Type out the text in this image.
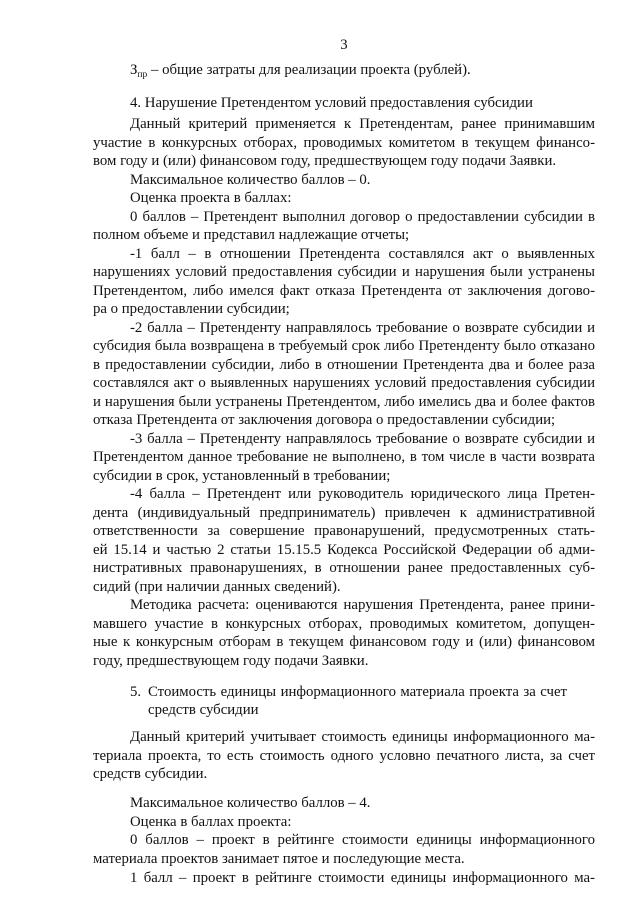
3
$З_{пр}$ – общие затраты для реализации проекта (рублей).
4. Нарушение Претендентом условий предоставления субсидии
Данный критерий применяется к Претендентам, ранее принимавшим
участие в конкурсных отборах, проводимых комитетом в текущем финансо-
вом году и (или) финансовом году, предшествующем году подачи Заявки.
Максимальное количество баллов – 0.
Оценка проекта в баллах:
0 баллов – Претендент выполнил договор о предоставлении субсидии в
полном объеме и представил надлежащие отчеты;
-1 балл – в отношении Претендента составлялся акт о выявленных
нарушениях условий предоставления субсидии и нарушения были устранены
Претендентом, либо имелся факт отказа Претендента от заключения догово-
ра о предоставлении субсидии;
-2 балла – Претенденту направлялось требование о возврате субсидии и
субсидия была возвращена в требуемый срок либо Претенденту было отказано
в предоставлении субсидии, либо в отношении Претендента два и более раза
составлялся акт о выявленных нарушениях условий предоставления субсидии
и нарушения были устранены Претендентом, либо имелись два и более фактов
отказа Претендента от заключения договора о предоставлении субсидии;
-3 балла – Претенденту направлялось требование о возврате субсидии и
Претендентом данное требование не выполнено, в том числе в части возврата
субсидии в срок, установленный в требовании;
-4 балла – Претендент или руководитель юридического лица Претен-
дента (индивидуальный предприниматель) привлечен к административной
ответственности за совершение правонарушений, предусмотренных стать-
ей 15.14 и частью 2 статьи 15.15.5 Кодекса Российской Федерации об адми-
нистративных правонарушениях, в отношении ранее предоставленных суб-
сидий (при наличии данных сведений).
Методика расчета: оцениваются нарушения Претендента, ранее прини-
мавшего участие в конкурсных отборах, проводимых комитетом, допущен-
ные к конкурсным отборам в текущем финансовом году и (или) финансовом
году, предшествующем году подачи Заявки.
5. Стоимость единицы информационного материала проекта за счет
средств субсидии
Данный критерий учитывает стоимость единицы информационного ма-
териала проекта, то есть стоимость одного условно печатного листа, за счет
средств субсидии.
Максимальное количество баллов – 4.
Оценка в баллах проекта:
0 баллов – проект в рейтинге стоимости единицы информационного
материала проектов занимает пятое и последующие места.
1 балл – проект в рейтинге стоимости единицы информационного ма-
